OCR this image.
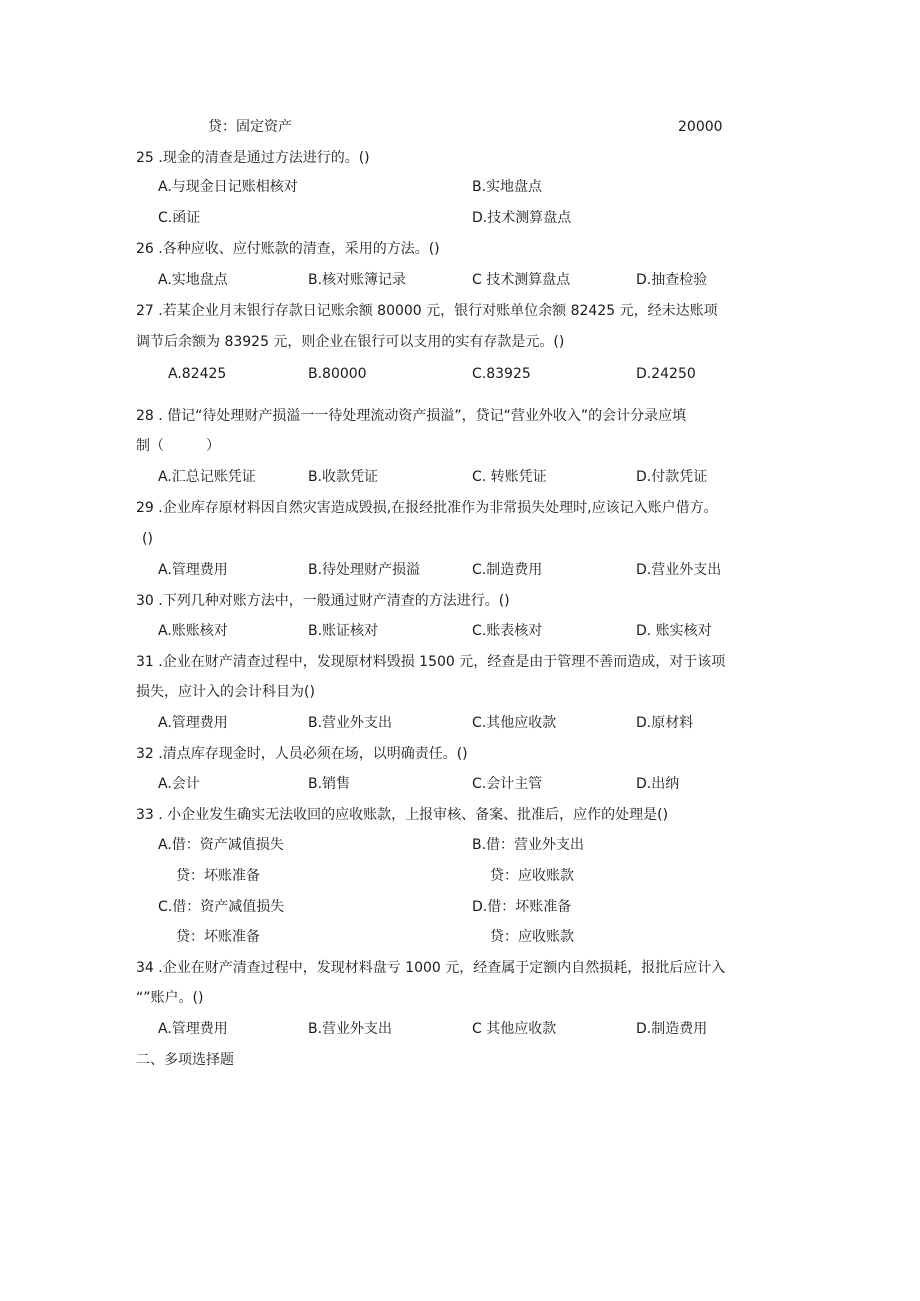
贷：固定资产	20000
25 .现金的清查是通过方法进行的。()
A.与现金日记账相核对	B.实地盘点
C.函证	D.技术测算盘点
26 .各种应收、应付账款的清查，采用的方法。()
A.实地盘点	B.核对账簿记录	C 技术测算盘点	D.抽查检验
27 .若某企业月末银行存款日记账余额 80000 元，银行对账单位余额 82425 元，经未达账项
调节后余额为 83925 元，则企业在银行可以支用的实有存款是元。()
A.82425	B.80000	C.83925	D.24250
28 . 借记“待处理财产损溢一一待处理流动资产损溢”，贷记“营业外收入”的会计分录应填
制（　　　）
A.汇总记账凭证	B.收款凭证	C. 转账凭证	D.付款凭证
29 .企业库存原材料因自然灾害造成毁损,在报经批准作为非常损失处理时,应该记入账户借方。
()
A.管理费用	B.待处理财产损溢	C.制造费用	D.营业外支出
30 .下列几种对账方法中，一般通过财产清查的方法进行。()
A.账账核对	B.账证核对	C.账表核对	D. 账实核对
31 .企业在财产清查过程中，发现原材料毁损 1500 元，经查是由于管理不善而造成，对于该项
损失，应计入的会计科目为()
A.管理费用	B.营业外支出	C.其他应收款	D.原材料
32 .清点库存现金时，人员必须在场，以明确责任。()
A.会计	B.销售	C.会计主管	D.出纳
33 . 小企业发生确实无法收回的应收账款，上报审核、备案、批准后，应作的处理是()
A.借：资产减值损失	B.借：营业外支出
贷：坏账准备	贷：应收账款
C.借：资产减值损失	D.借：坏账准备
贷：坏账准备	贷：应收账款
34 .企业在财产清查过程中，发现材料盘亏 1000 元，经查属于定额内自然损耗，报批后应计入
“”账户。()
A.管理费用	B.营业外支出	C 其他应收款	D.制造费用
二、多项选择题
